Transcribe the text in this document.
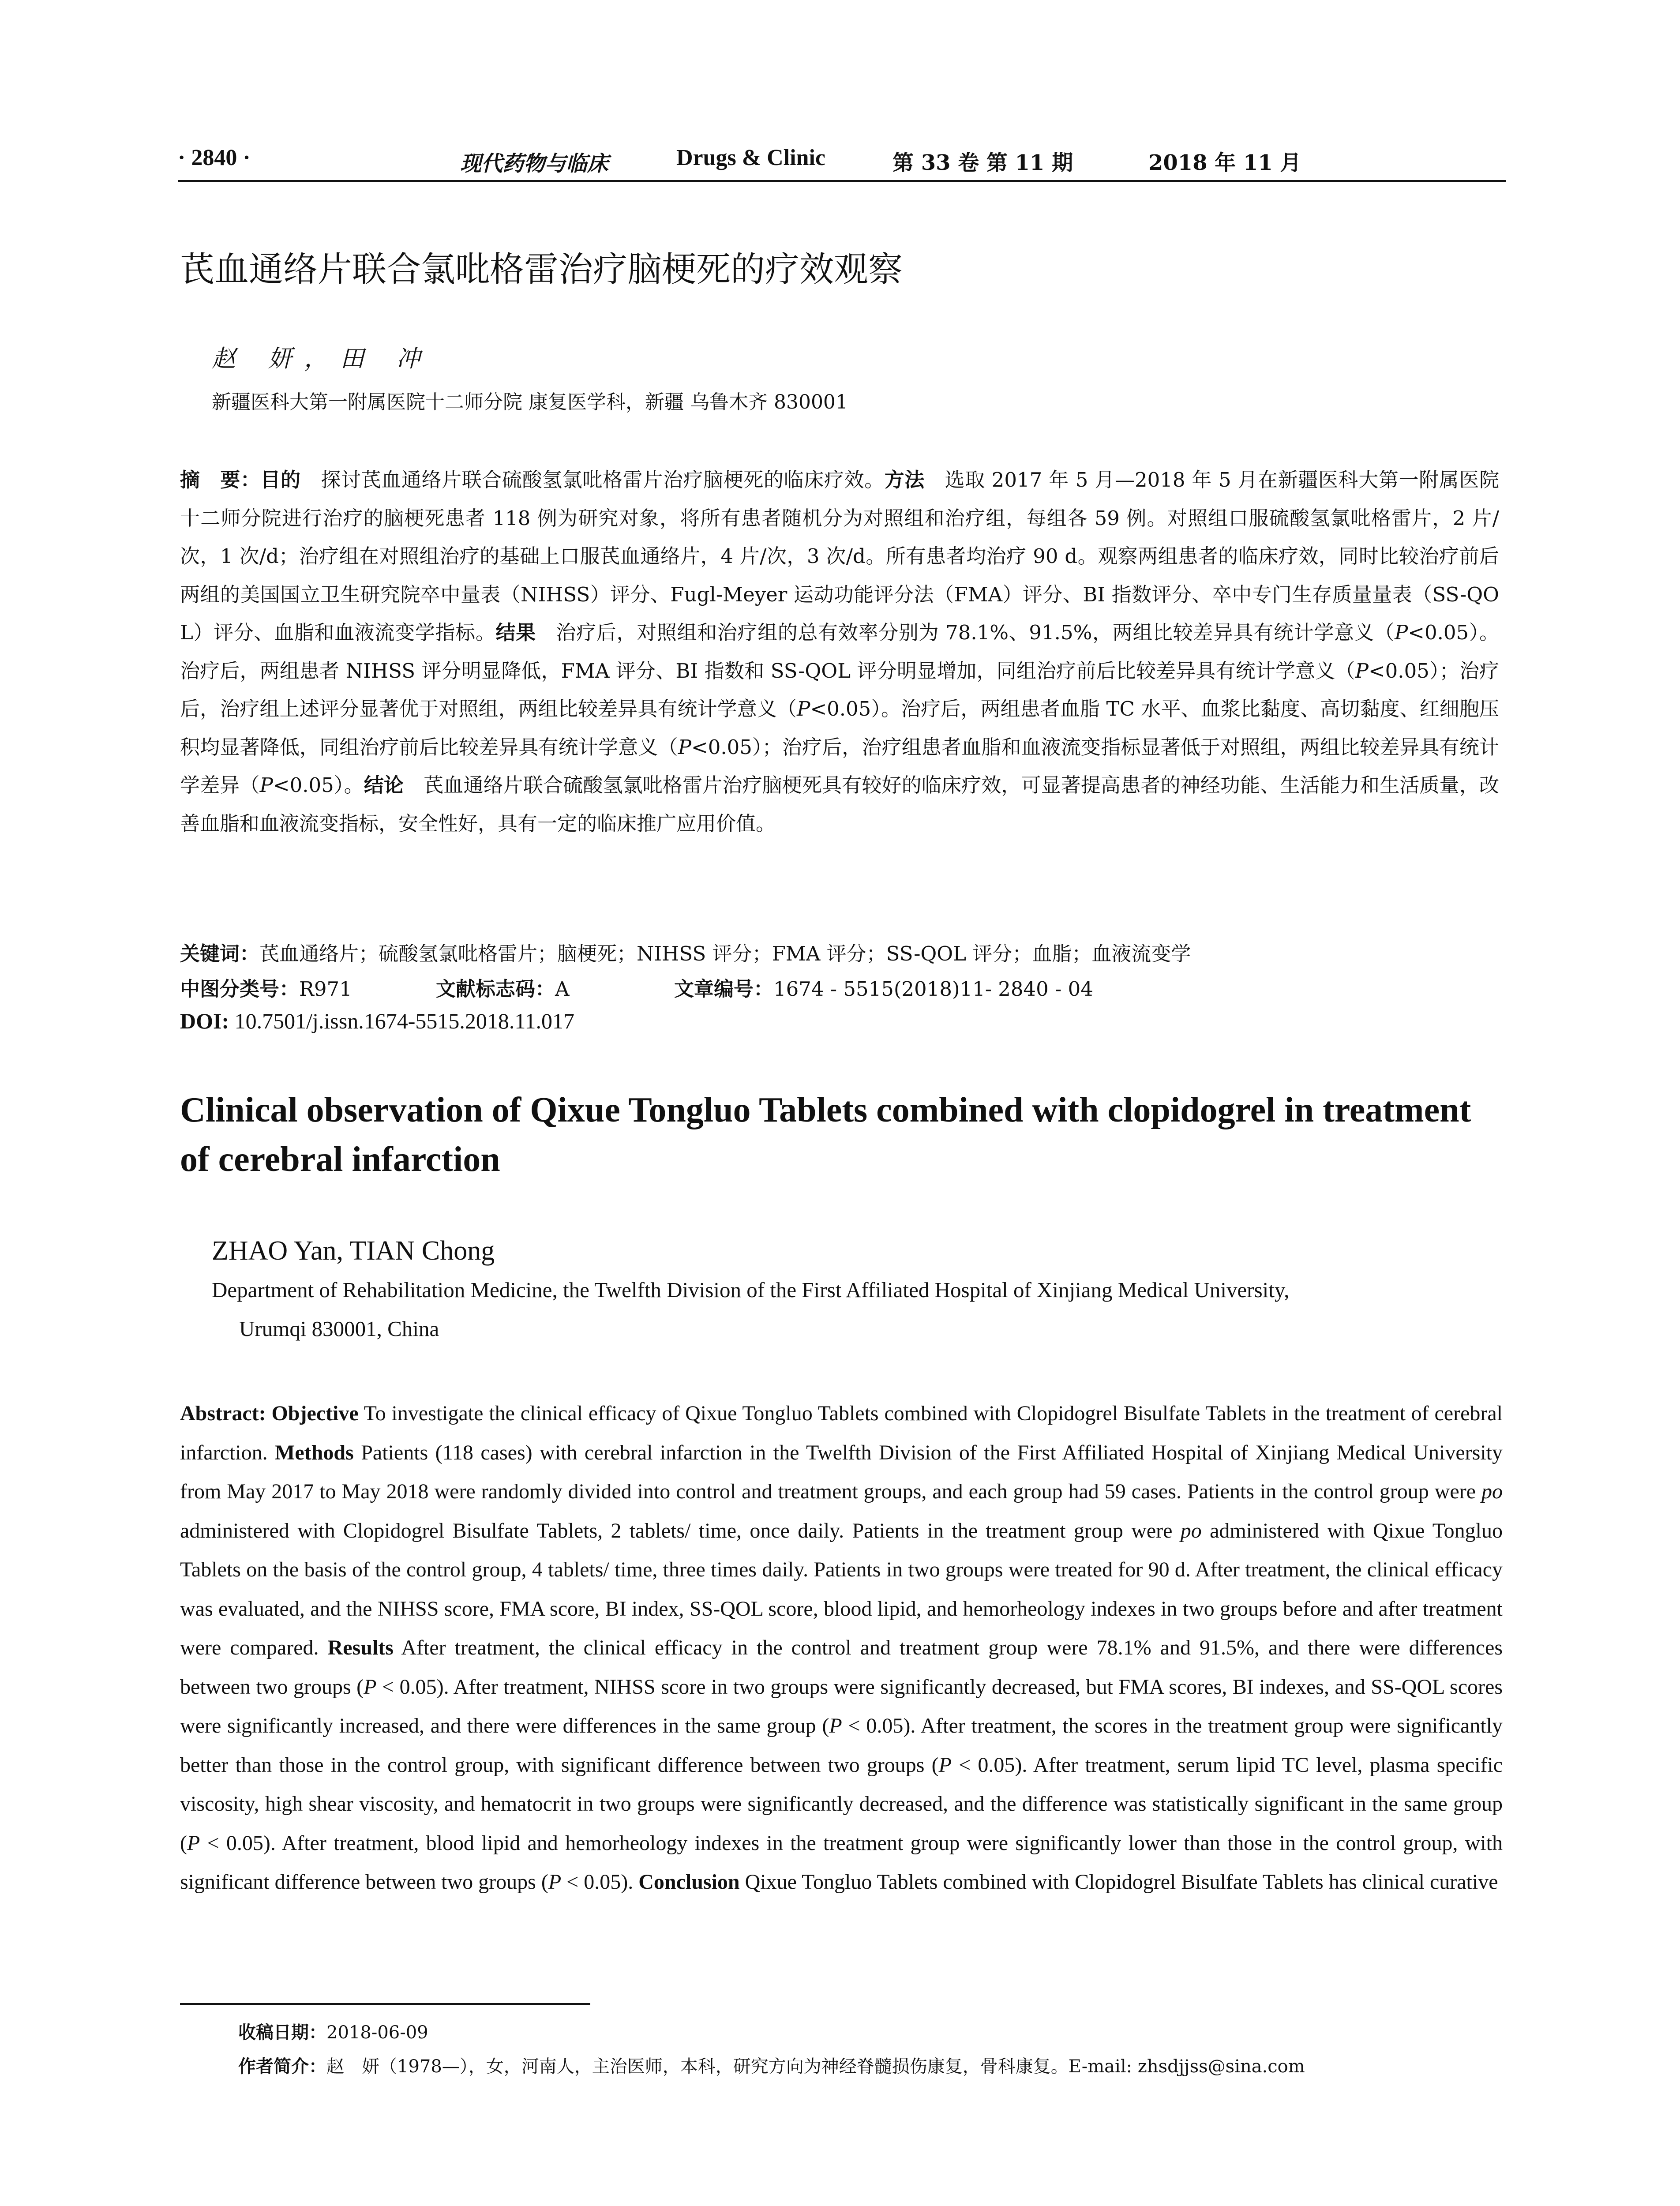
· 2840 ·	现代药物与临床	Drugs & Clinic	第 33 卷 第 11 期	2018 年 11 月
芪血通络片联合氯吡格雷治疗脑梗死的疗效观察
赵 妍，田 冲
新疆医科大第一附属医院十二师分院 康复医学科，新疆 乌鲁木齐 830001
摘　要：目的　探讨芪血通络片联合硫酸氢氯吡格雷片治疗脑梗死的临床疗效。方法　选取 2017 年 5 月—2018 年 5 月在新疆医科大第一附属医院十二师分院进行治疗的脑梗死患者 118 例为研究对象，将所有患者随机分为对照组和治疗组，每组各 59 例。对照组口服硫酸氢氯吡格雷片，2 片/次，1 次/d；治疗组在对照组治疗的基础上口服芪血通络片，4 片/次，3 次/d。所有患者均治疗 90 d。观察两组患者的临床疗效，同时比较治疗前后两组的美国国立卫生研究院卒中量表（NIHSS）评分、Fugl-Meyer 运动功能评分法（FMA）评分、BI 指数评分、卒中专门生存质量量表（SS-QOL）评分、血脂和血液流变学指标。结果　治疗后，对照组和治疗组的总有效率分别为 78.1%、91.5%，两组比较差异具有统计学意义（P<0.05）。治疗后，两组患者 NIHSS 评分明显降低，FMA 评分、BI 指数和 SS-QOL 评分明显增加，同组治疗前后比较差异具有统计学意义（P<0.05）；治疗后，治疗组上述评分显著优于对照组，两组比较差异具有统计学意义（P<0.05）。治疗后，两组患者血脂 TC 水平、血浆比黏度、高切黏度、红细胞压积均显著降低，同组治疗前后比较差异具有统计学意义（P<0.05）；治疗后，治疗组患者血脂和血液流变指标显著低于对照组，两组比较差异具有统计学差异（P<0.05）。结论　芪血通络片联合硫酸氢氯吡格雷片治疗脑梗死具有较好的临床疗效，可显著提高患者的神经功能、生活能力和生活质量，改善血脂和血液流变指标，安全性好，具有一定的临床推广应用价值。
关键词：芪血通络片；硫酸氢氯吡格雷片；脑梗死；NIHSS 评分；FMA 评分；SS-QOL 评分；血脂；血液流变学
中图分类号：R971	文献标志码：A	文章编号：1674 - 5515(2018)11- 2840 - 04
DOI: 10.7501/j.issn.1674-5515.2018.11.017
Clinical observation of Qixue Tongluo Tablets combined with clopidogrel in treatment of cerebral infarction
ZHAO Yan, TIAN Chong
Department of Rehabilitation Medicine, the Twelfth Division of the First Affiliated Hospital of Xinjiang Medical University,
Urumqi 830001, China
Abstract: Objective To investigate the clinical efficacy of Qixue Tongluo Tablets combined with Clopidogrel Bisulfate Tablets in the treatment of cerebral infarction. Methods Patients (118 cases) with cerebral infarction in the Twelfth Division of the First Affiliated Hospital of Xinjiang Medical University from May 2017 to May 2018 were randomly divided into control and treatment groups, and each group had 59 cases. Patients in the control group were po administered with Clopidogrel Bisulfate Tablets, 2 tablets/ time, once daily. Patients in the treatment group were po administered with Qixue Tongluo Tablets on the basis of the control group, 4 tablets/ time, three times daily. Patients in two groups were treated for 90 d. After treatment, the clinical efficacy was evaluated, and the NIHSS score, FMA score, BI index, SS-QOL score, blood lipid, and hemorheology indexes in two groups before and after treatment were compared. Results After treatment, the clinical efficacy in the control and treatment group were 78.1% and 91.5%, and there were differences between two groups (P < 0.05). After treatment, NIHSS score in two groups were significantly decreased, but FMA scores, BI indexes, and SS-QOL scores were significantly increased, and there were differences in the same group (P < 0.05). After treatment, the scores in the treatment group were significantly better than those in the control group, with significant difference between two groups (P < 0.05). After treatment, serum lipid TC level, plasma specific viscosity, high shear viscosity, and hematocrit in two groups were significantly decreased, and the difference was statistically significant in the same group (P < 0.05). After treatment, blood lipid and hemorheology indexes in the treatment group were significantly lower than those in the control group, with significant difference between two groups (P < 0.05). Conclusion Qixue Tongluo Tablets combined with Clopidogrel Bisulfate Tablets has clinical curative
收稿日期：2018-06-09
作者简介：赵　妍（1978—），女，河南人，主治医师，本科，研究方向为神经脊髓损伤康复，骨科康复。E-mail: zhsdjjss@sina.com
